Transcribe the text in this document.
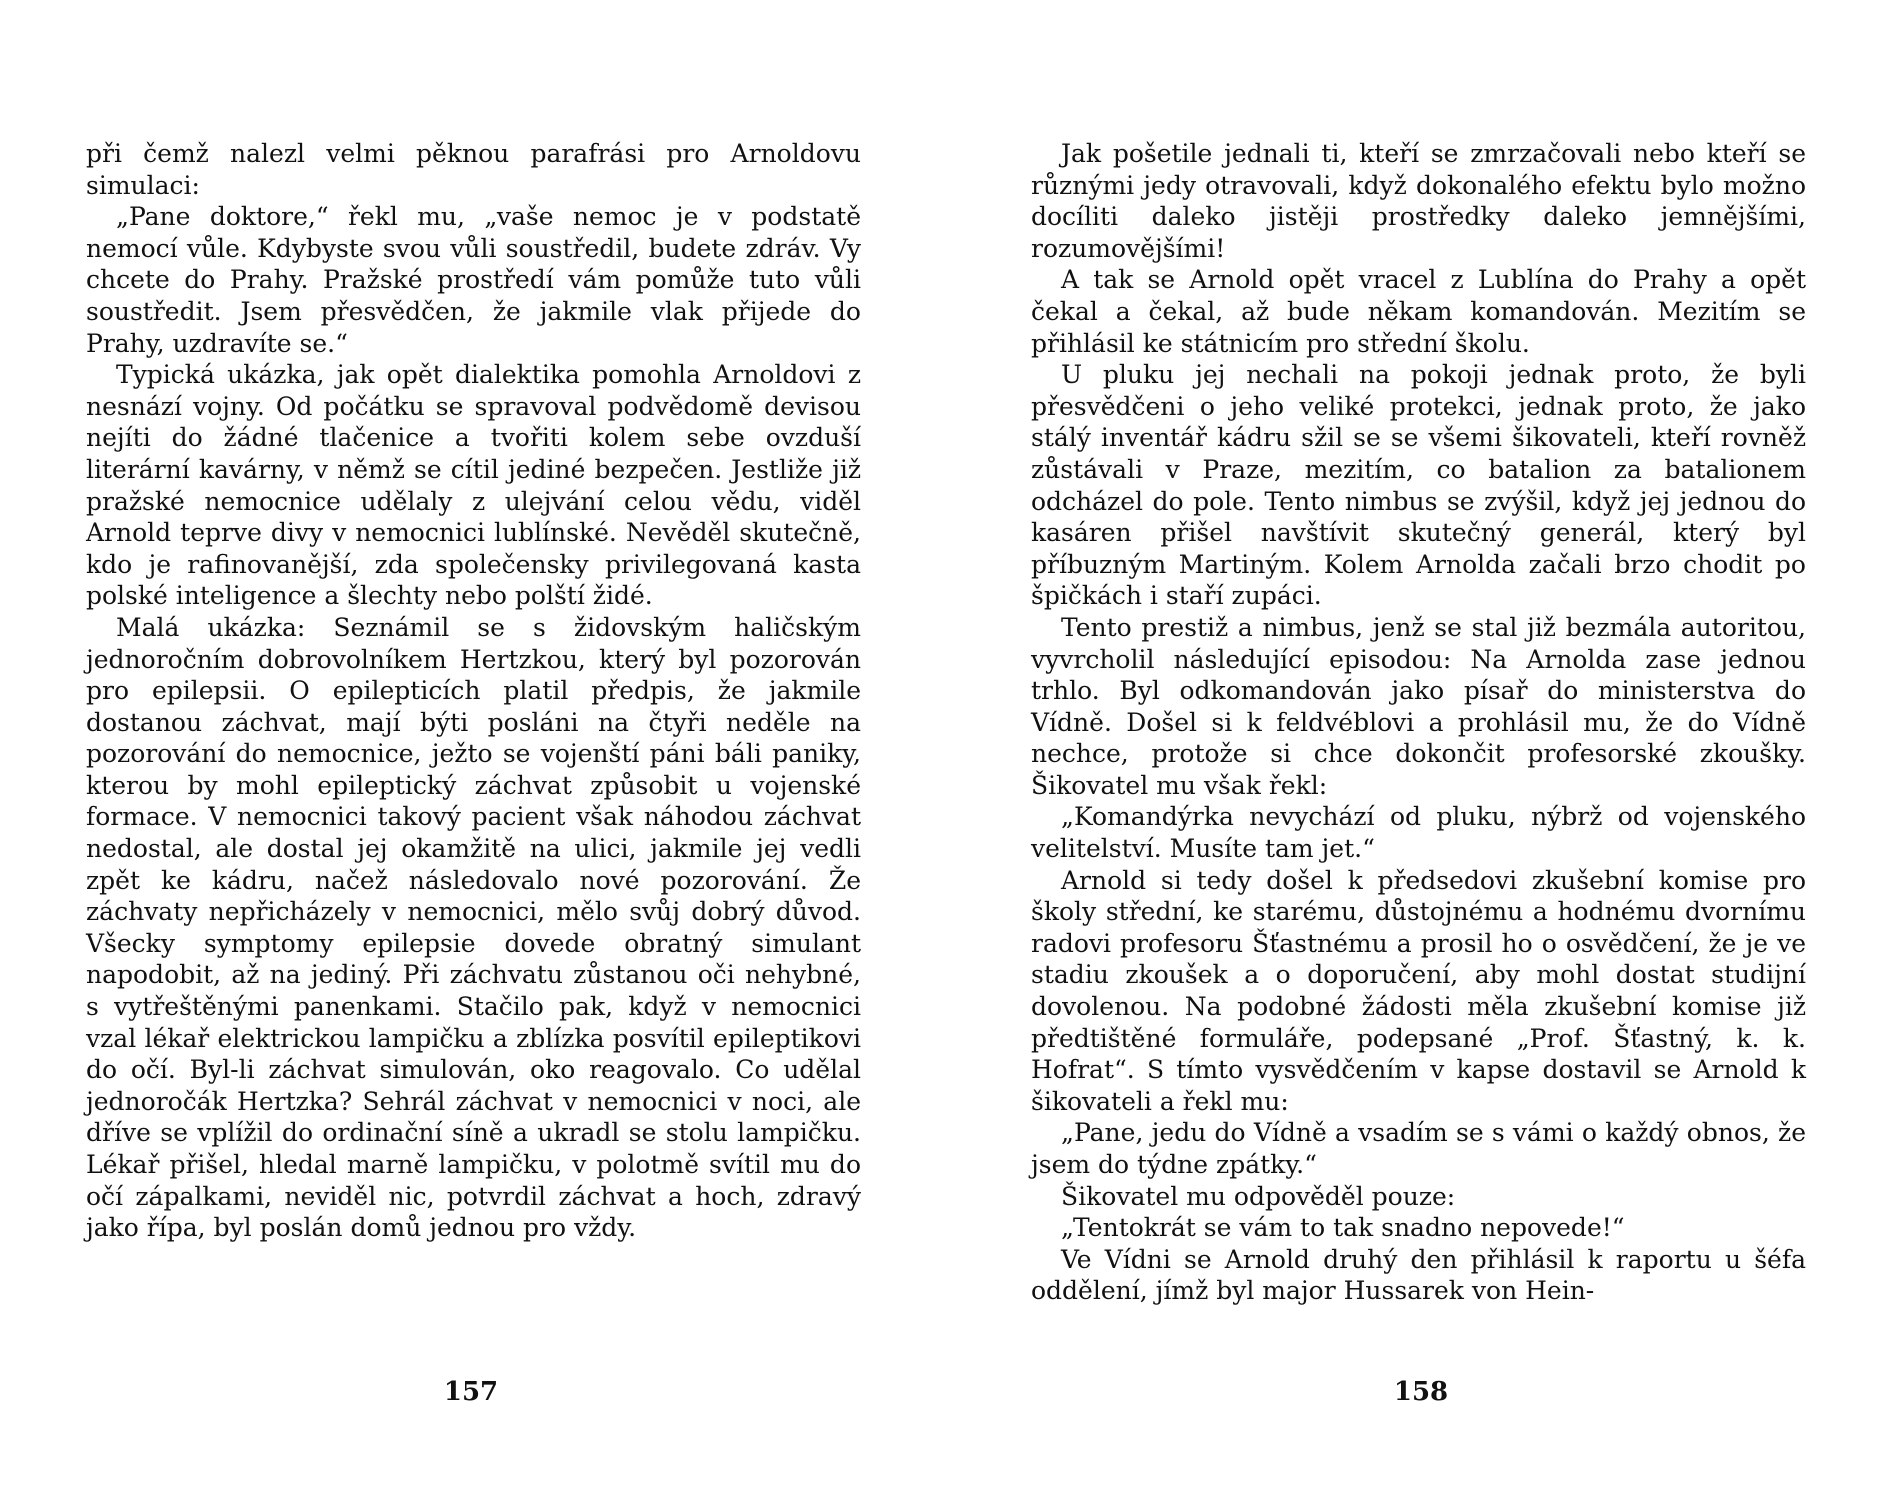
při čemž nalezl velmi pěknou parafrási pro Arnoldovu simulaci:

„Pane doktore,“ řekl mu, „vaše nemoc je v podstatě nemocí vůle. Kdybyste svou vůli soustředil, budete zdráv. Vy chcete do Prahy. Pražské prostředí vám pomůže tuto vůli soustředit. Jsem přesvědčen, že jakmile vlak přijede do Prahy, uzdravíte se.“

Typická ukázka, jak opět dialektika pomohla Arnoldovi z nesnází vojny. Od počátku se spravoval podvědomě devisou nejíti do žádné tlačenice a tvořiti kolem sebe ovzduší literární kavárny, v němž se cítil jediné bezpečen. Jestliže již pražské nemocnice udělaly z ulejvání celou vědu, viděl Arnold teprve divy v nemocnici lublínské. Nevěděl skutečně, kdo je rafinovanější, zda společensky privilegovaná kasta polské inteligence a šlechty nebo polští židé.

Malá ukázka: Seznámil se s židovským haličským jednoročním dobrovolníkem Hertzkou, který byl pozorován pro epilepsii. O epilepticích platil předpis, že jakmile dostanou záchvat, mají býti posláni na čtyři neděle na pozorování do nemocnice, ježto se vojenští páni báli paniky, kterou by mohl epileptický záchvat způsobit u vojenské formace. V nemocnici takový pacient však náhodou záchvat nedostal, ale dostal jej okamžitě na ulici, jakmile jej vedli zpět ke kádru, načež následovalo nové pozorování. Že záchvaty nepřicházely v nemocnici, mělo svůj dobrý důvod. Všecky symptomy epilepsie dovede obratný simulant napodobit, až na jediný. Při záchvatu zůstanou oči nehybné, s vytřeštěnými panenkami. Stačilo pak, když v nemocnici vzal lékař elektrickou lampičku a zblízka posvítil epileptikovi do očí. Byl-li záchvat simulován, oko reagovalo. Co udělal jednoročák Hertzka? Sehrál záchvat v nemocnici v noci, ale dříve se vplížil do ordinační síně a ukradl se stolu lampičku. Lékař přišel, hledal marně lampičku, v polotmě svítil mu do očí zápalkami, neviděl nic, potvrdil záchvat a hoch, zdravý jako řípa, byl poslán domů jednou pro vždy.

157

Jak pošetile jednali ti, kteří se zmrzačovali nebo kteří se různými jedy otravovali, když dokonalého efektu bylo možno docíliti daleko jistěji prostředky daleko jemnějšími, rozumovějšími!

A tak se Arnold opět vracel z Lublína do Prahy a opět čekal a čekal, až bude někam komandován. Mezitím se přihlásil ke státnicím pro střední školu.

U pluku jej nechali na pokoji jednak proto, že byli přesvědčeni o jeho veliké protekci, jednak proto, že jako stálý inventář kádru sžil se se všemi šikovateli, kteří rovněž zůstávali v Praze, mezitím, co batalion za batalionem odcházel do pole. Tento nimbus se zvýšil, když jej jednou do kasáren přišel navštívit skutečný generál, který byl příbuzným Martiným. Kolem Arnolda začali brzo chodit po špičkách i staří zupáci.

Tento prestiž a nimbus, jenž se stal již bezmála autoritou, vyvrcholil následující episodou: Na Arnolda zase jednou trhlo. Byl odkomandován jako písař do ministerstva do Vídně. Došel si k feldvéblovi a prohlásil mu, že do Vídně nechce, protože si chce dokončit profesorské zkoušky. Šikovatel mu však řekl:

„Komandýrka nevychází od pluku, nýbrž od vojenského velitelství. Musíte tam jet.“

Arnold si tedy došel k předsedovi zkušební komise pro školy střední, ke starému, důstojnému a hodnému dvornímu radovi profesoru Šťastnému a prosil ho o osvědčení, že je ve stadiu zkoušek a o doporučení, aby mohl dostat studijní dovolenou. Na podobné žádosti měla zkušební komise již předtištěné formuláře, podepsané „Prof. Šťastný, k. k. Hofrat“. S tímto vysvědčením v kapse dostavil se Arnold k šikovateli a řekl mu:

„Pane, jedu do Vídně a vsadím se s vámi o každý obnos, že jsem do týdne zpátky.“

Šikovatel mu odpověděl pouze:

„Tentokrát se vám to tak snadno nepovede!“

Ve Vídni se Arnold druhý den přihlásil k raportu u šéfa oddělení, jímž byl major Hussarek von Hein-

158
